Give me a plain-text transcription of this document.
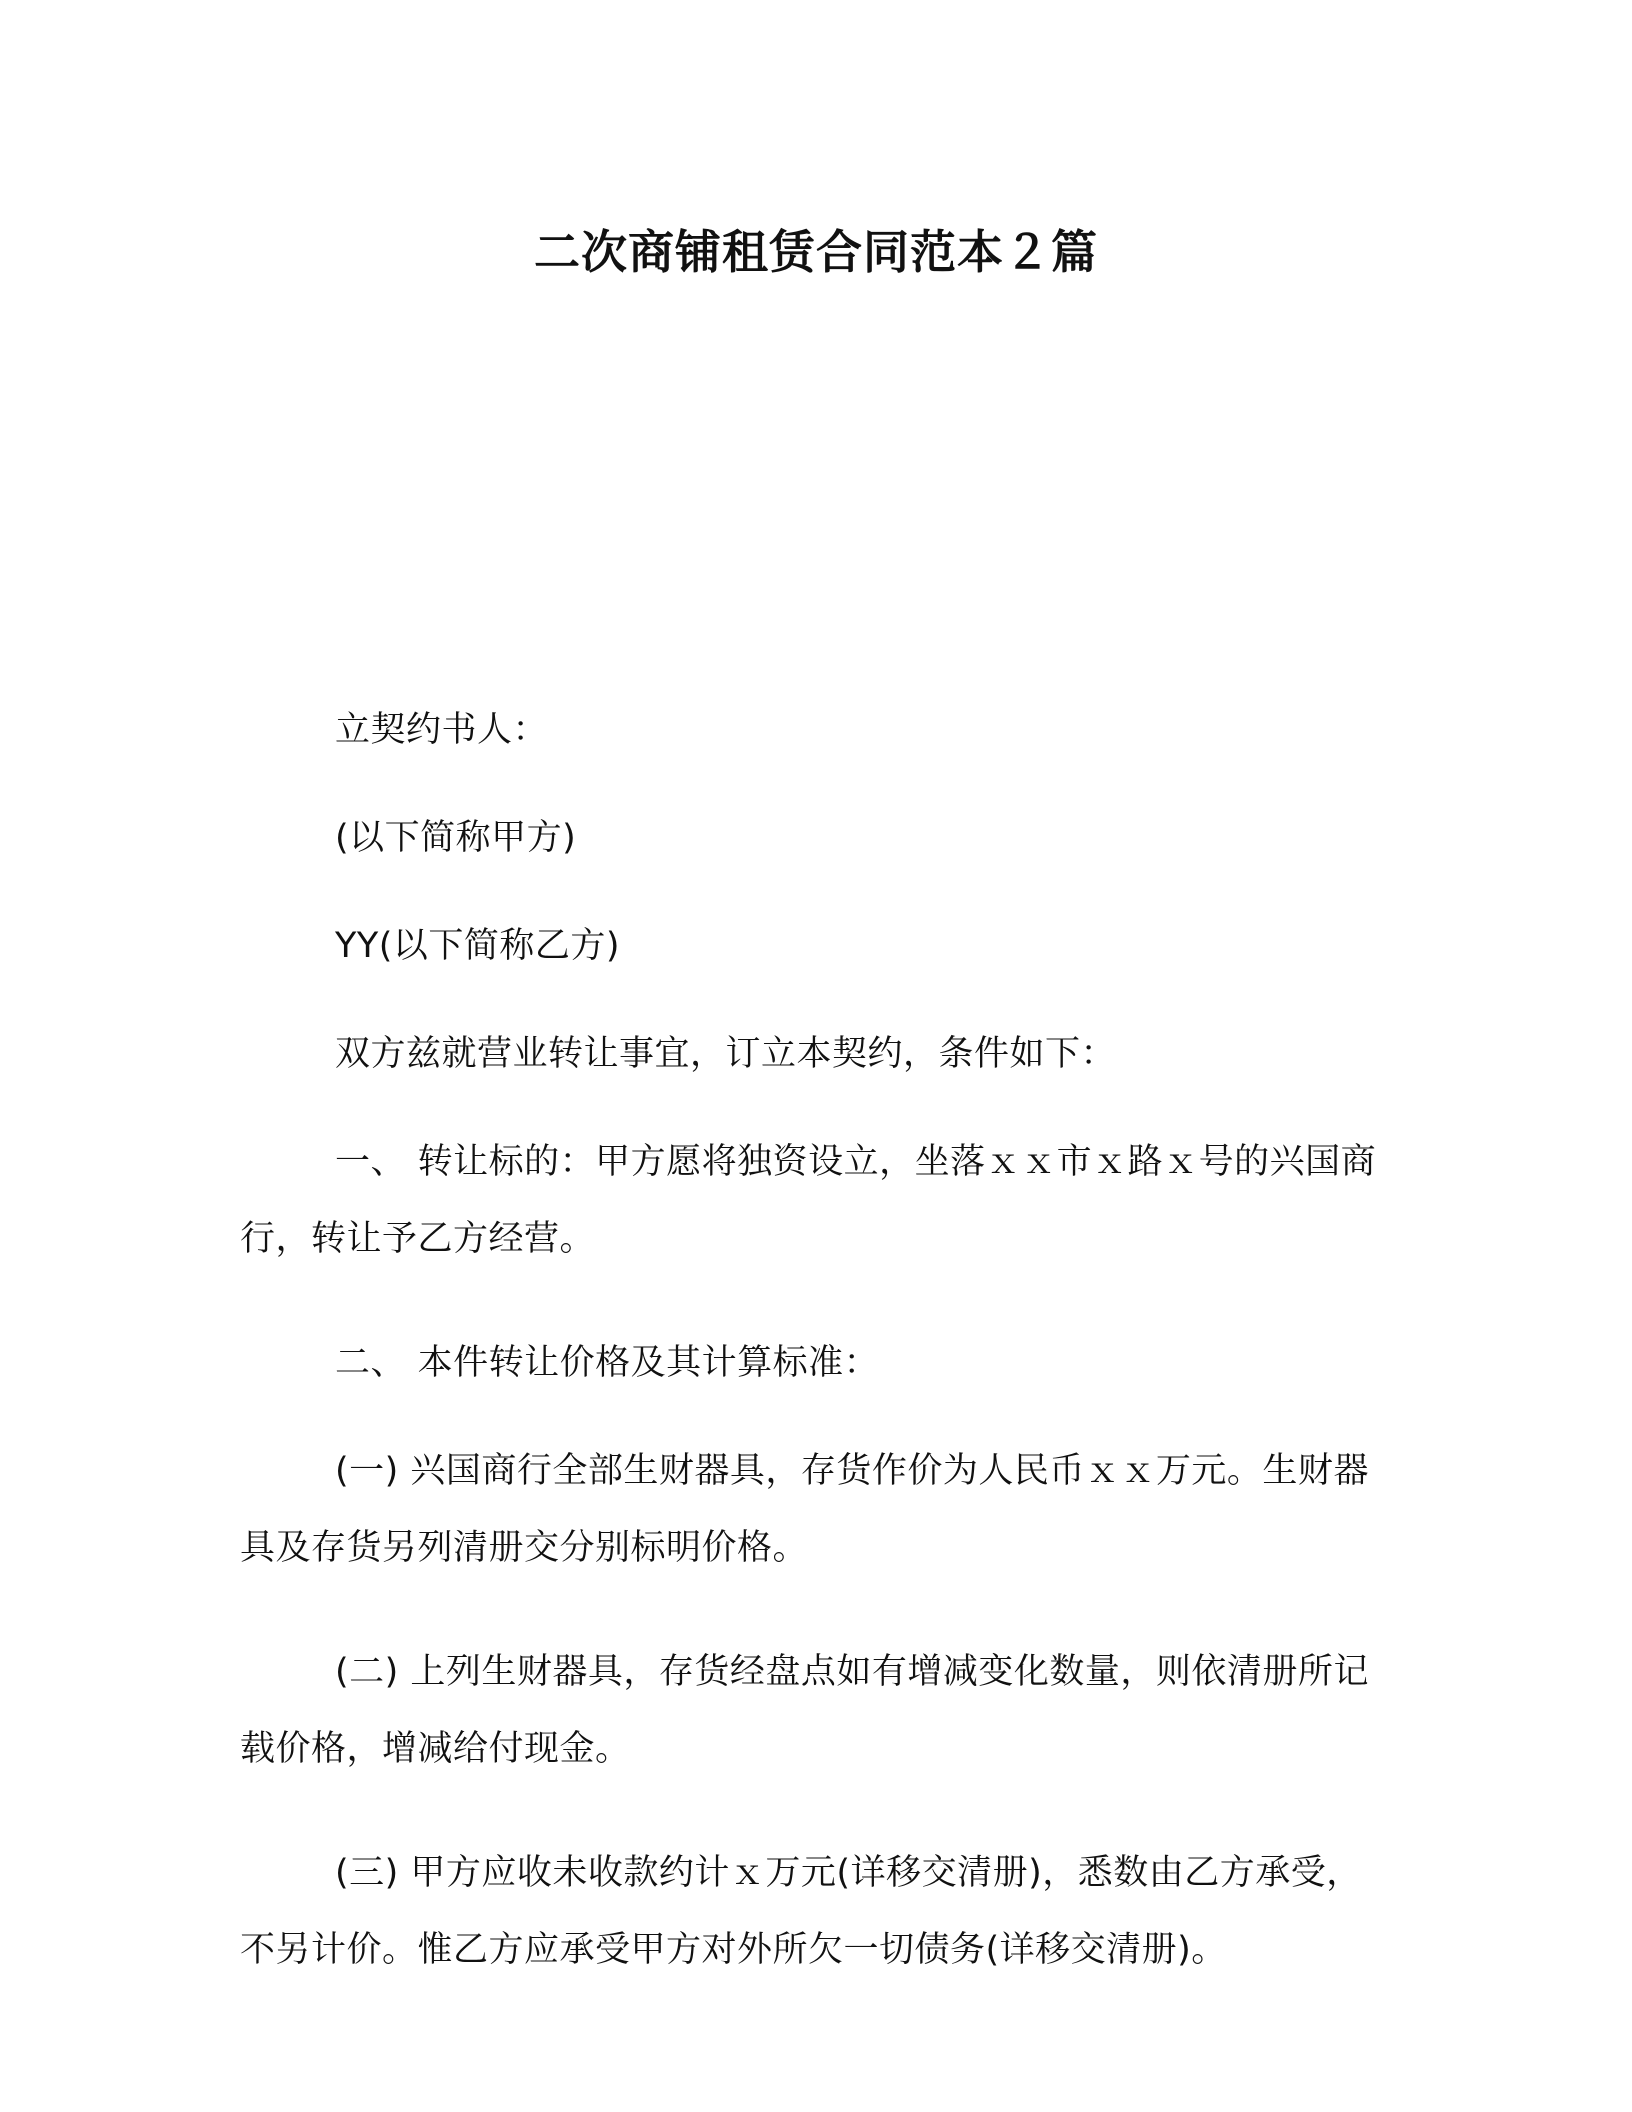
二次商铺租赁合同范本２篇

立契约书人：

(以下简称甲方)

YY(以下简称乙方)

双方兹就营业转让事宜，订立本契约，条件如下：

一、 转让标的：甲方愿将独资设立，坐落ｘｘ市ｘ路ｘ号的兴国商行，转让予乙方经营。

二、 本件转让价格及其计算标准：

(一) 兴国商行全部生财器具，存货作价为人民币ｘｘ万元。生财器具及存货另列清册交分别标明价格。

(二) 上列生财器具，存货经盘点如有增减变化数量，则依清册所记载价格，增减给付现金。

(三) 甲方应收未收款约计ｘ万元(详移交清册)，悉数由乙方承受，不另计价。惟乙方应承受甲方对外所欠一切债务(详移交清册)。
